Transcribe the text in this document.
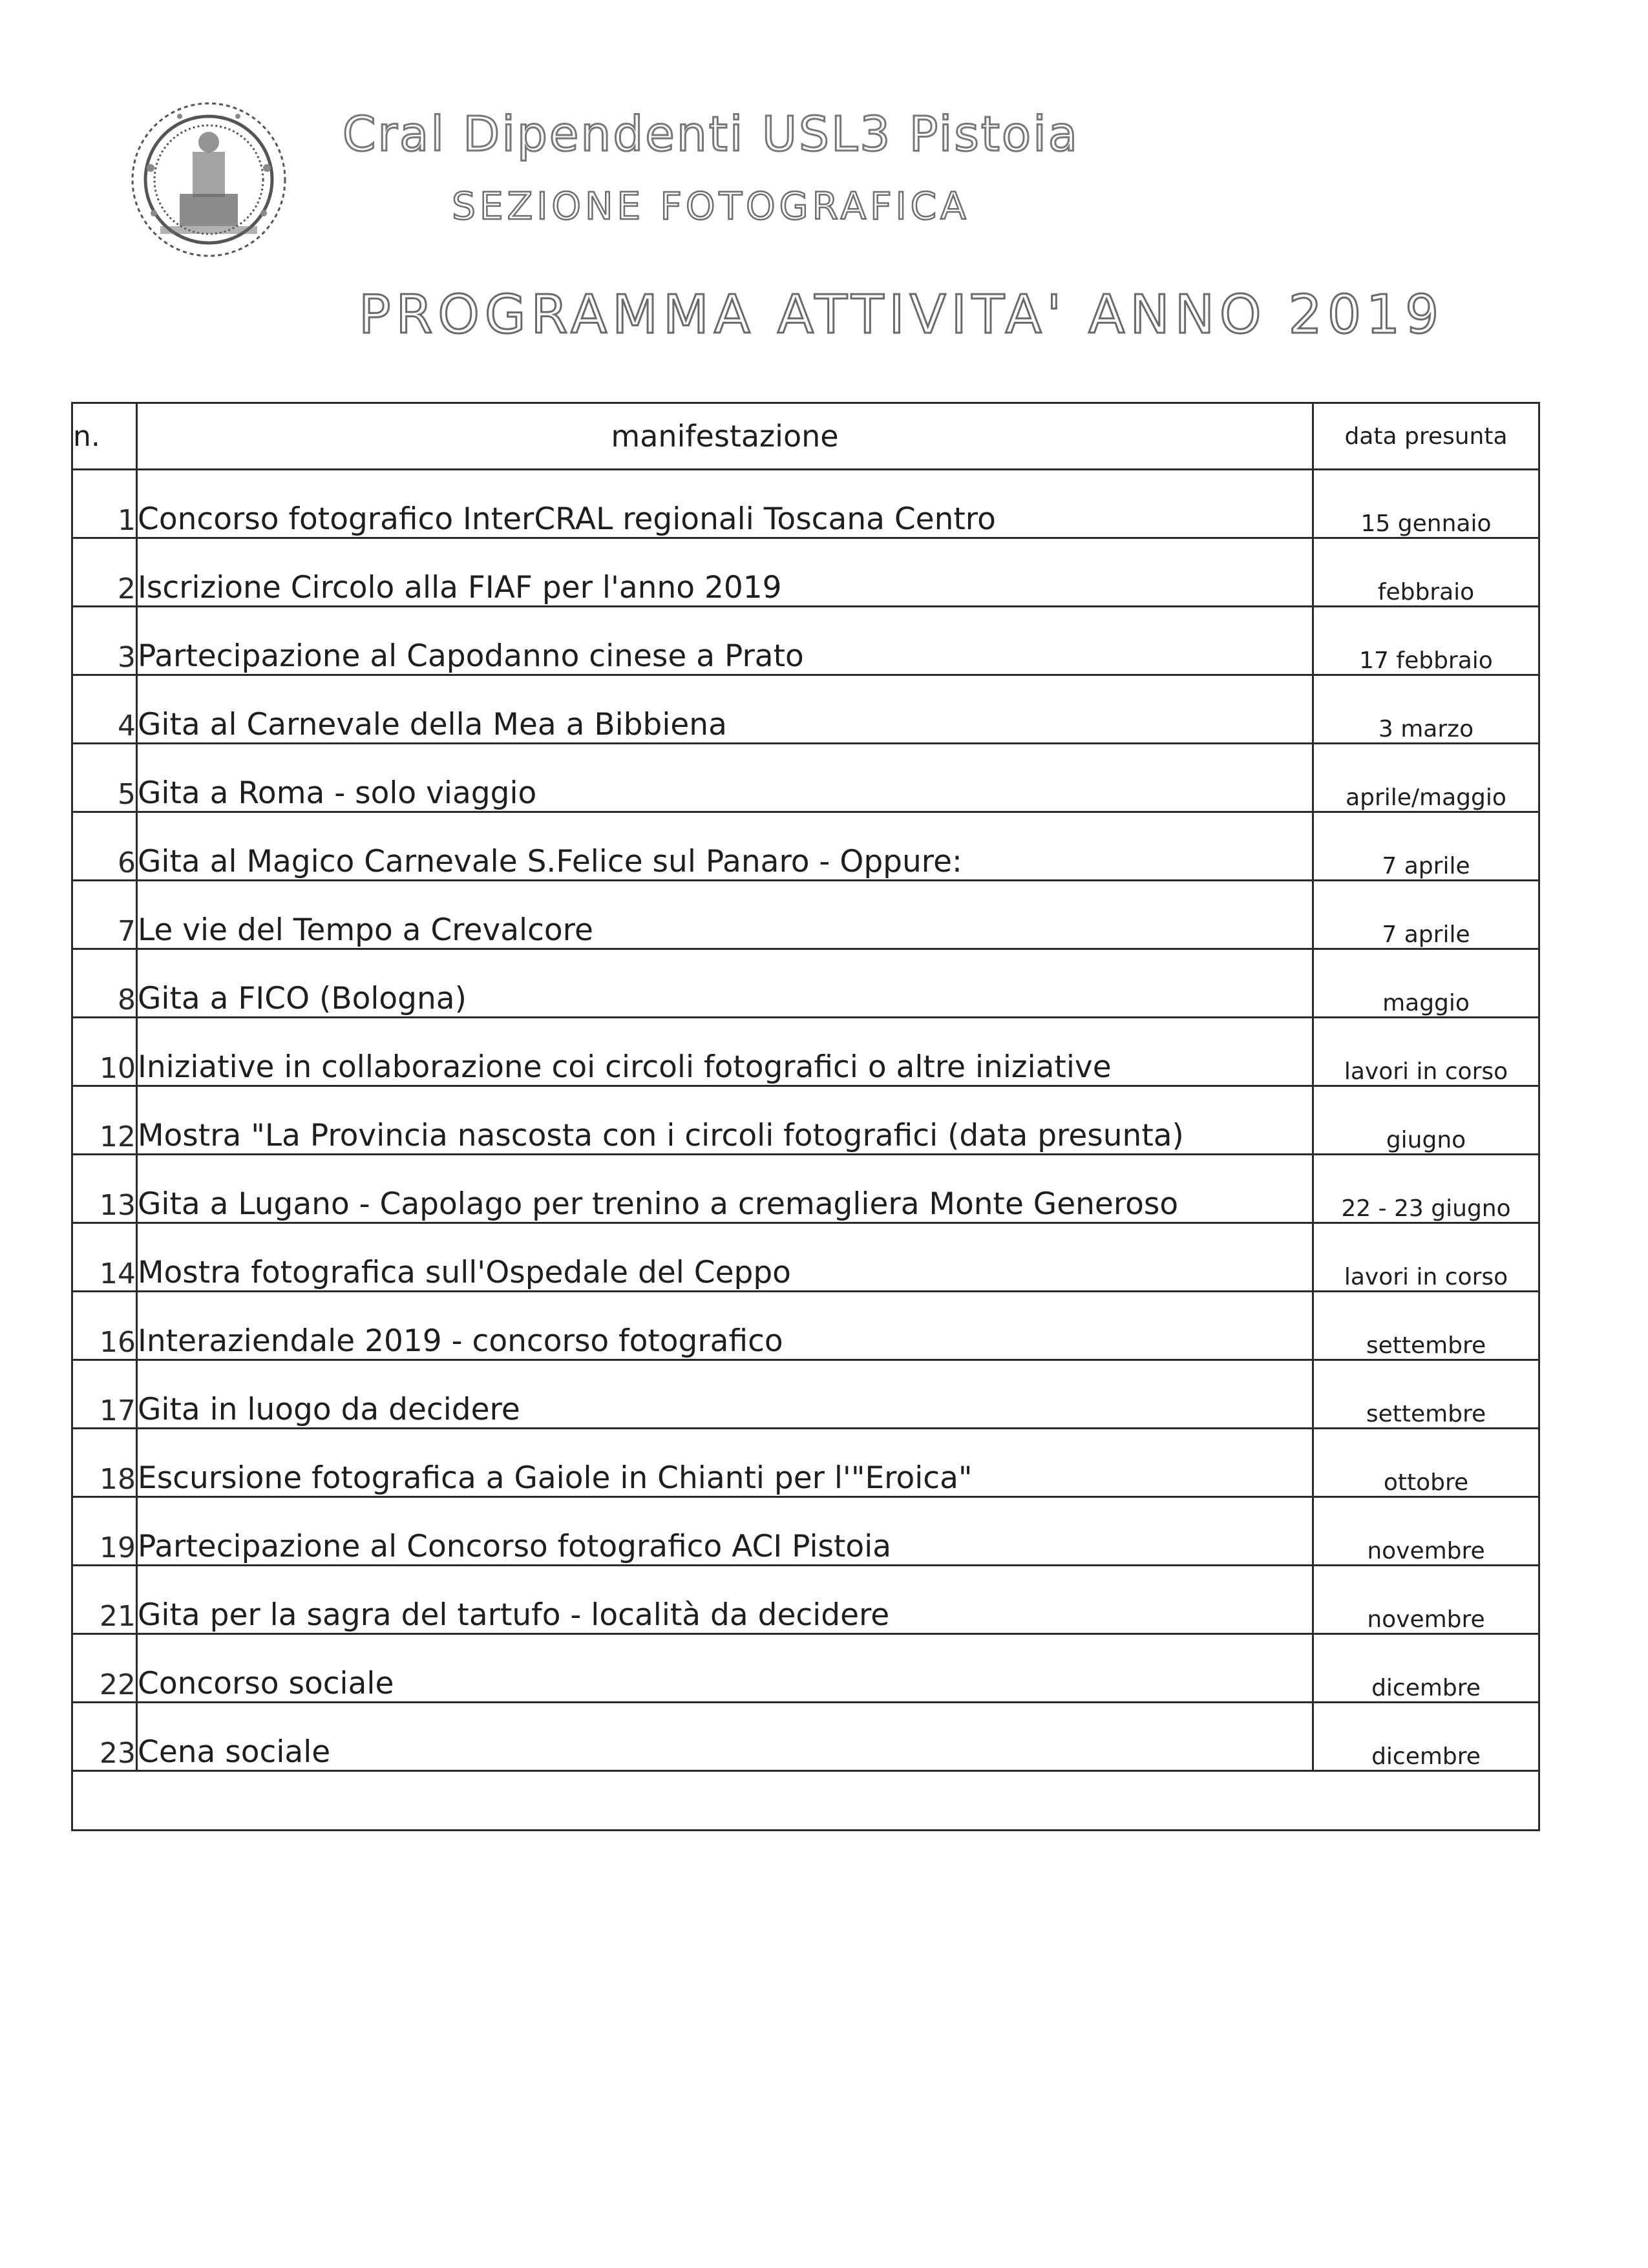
Cral Dipendenti USL3 Pistoia
SEZIONE FOTOGRAFICA
PROGRAMMA ATTIVITA' ANNO 2019
n.	manifestazione	data presunta
1	Concorso fotografico InterCRAL regionali Toscana Centro	15 gennaio
2	Iscrizione Circolo alla FIAF per l'anno 2019	febbraio
3	Partecipazione al Capodanno cinese a Prato	17 febbraio
4	Gita al Carnevale della Mea a Bibbiena	3 marzo
5	Gita a Roma - solo viaggio	aprile/maggio
6	Gita al Magico Carnevale S.Felice sul Panaro - Oppure:	7 aprile
7	Le vie del Tempo a Crevalcore	7 aprile
8	Gita a FICO (Bologna)	maggio
10	Iniziative in collaborazione coi circoli fotografici o altre iniziative	lavori in corso
12	Mostra "La Provincia nascosta con i circoli fotografici (data presunta)	giugno
13	Gita a Lugano - Capolago per trenino a cremagliera Monte Generoso	22 - 23 giugno
14	Mostra fotografica sull'Ospedale del Ceppo	lavori in corso
16	Interaziendale 2019 - concorso fotografico	settembre
17	Gita in luogo da decidere	settembre
18	Escursione fotografica a Gaiole in Chianti per l'"Eroica"	ottobre
19	Partecipazione al Concorso fotografico ACI Pistoia	novembre
21	Gita per la sagra del tartufo - località da decidere	novembre
22	Concorso sociale	dicembre
23	Cena sociale	dicembre
